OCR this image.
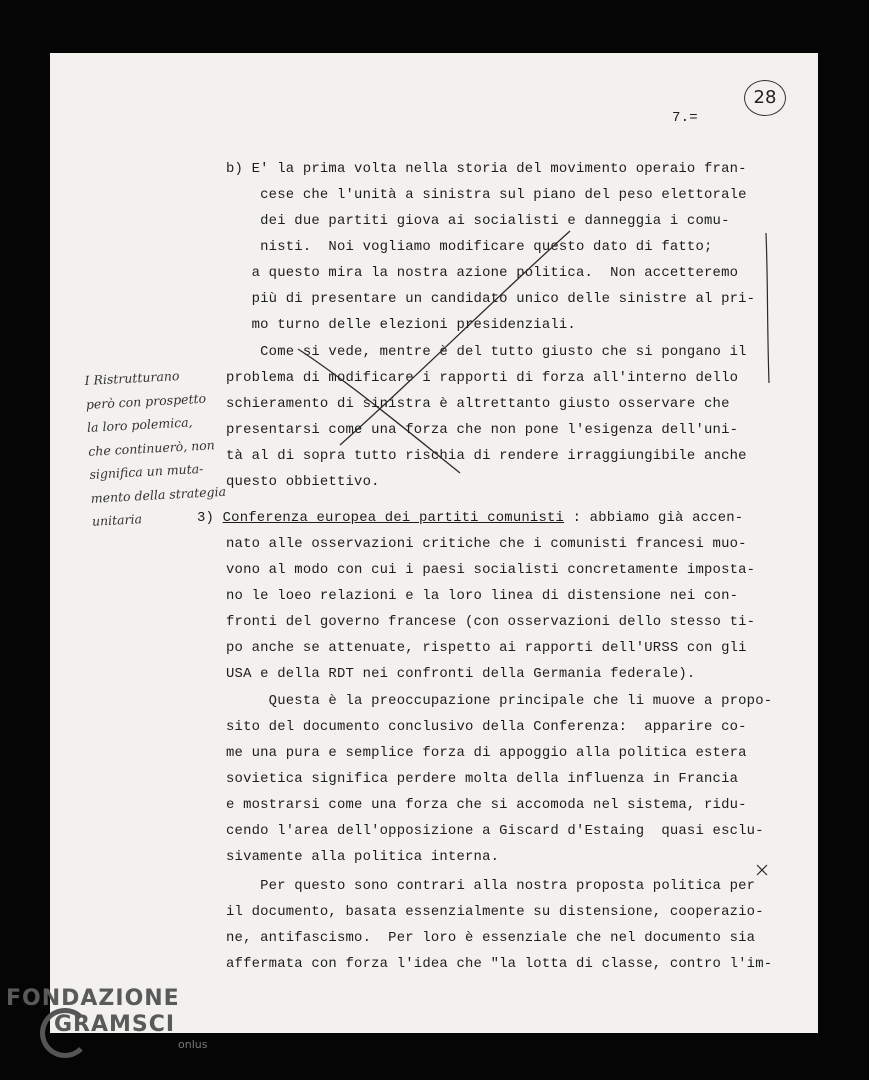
28
7.=
b) E' la prima volta nella storia del movimento operaio fran-
cese che l'unità a sinistra sul piano del peso elettorale
dei due partiti giova ai socialisti e danneggia i comu-
nisti.  Noi vogliamo modificare questo dato di fatto;
a questo mira la nostra azione politica.  Non accetteremo
più di presentare un candidato unico delle sinistre al pri-
mo turno delle elezioni presidenziali.
Come si vede, mentre è del tutto giusto che si pongano il
problema di modificare i rapporti di forza all'interno dello
schieramento di sinistra è altrettanto giusto osservare che
presentarsi come una forza che non pone l'esigenza dell'uni-
tà al di sopra tutto rischia di rendere irraggiungibile anche
questo obbiettivo.
3) Conferenza europea dei partiti comunisti : abbiamo già accen-
nato alle osservazioni critiche che i comunisti francesi muo-
vono al modo con cui i paesi socialisti concretamente imposta-
no le loeo relazioni e la loro linea di distensione nei con-
fronti del governo francese (con osservazioni dello stesso ti-
po anche se attenuate, rispetto ai rapporti dell'URSS con gli
USA e della RDT nei confronti della Germania federale).
Questa è la preoccupazione principale che li muove a propo-
sito del documento conclusivo della Conferenza:  apparire co-
me una pura e semplice forza di appoggio alla politica estera
sovietica significa perdere molta della influenza in Francia
e mostrarsi come una forza che si accomoda nel sistema, ridu-
cendo l'area dell'opposizione a Giscard d'Estaing  quasi esclu-
sivamente alla politica interna.
Per questo sono contrari alla nostra proposta politica per
il documento, basata essenzialmente su distensione, cooperazio-
ne, antifascismo.  Per loro è essenziale che nel documento sia
affermata con forza l'idea che "la lotta di classe, contro l'im-
I Ristrutturano
però con prospetto
la loro polemica,
che continuerò, non
significa un muta-
mento della strategia
unitaria
FONDAZIONE
GRAMSCI
onlus
